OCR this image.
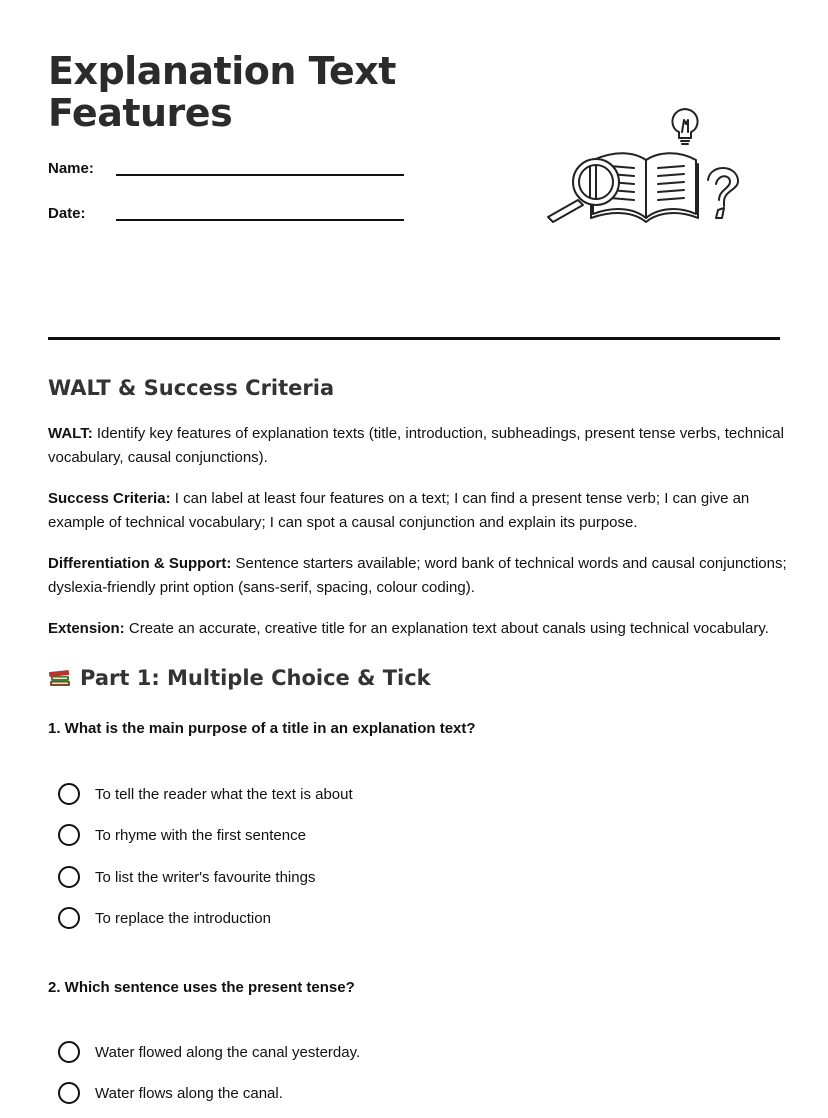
Explanation Text
Features
Name:
Date:
WALT & Success Criteria

WALT: Identify key features of explanation texts (title, introduction, subheadings, present tense verbs, technical vocabulary, causal conjunctions).

Success Criteria: I can label at least four features on a text; I can find a present tense verb; I can give an example of technical vocabulary; I can spot a causal conjunction and explain its purpose.

Differentiation & Support: Sentence starters available; word bank of technical words and causal conjunctions; dyslexia-friendly print option (sans-serif, spacing, colour coding).

Extension: Create an accurate, creative title for an explanation text about canals using technical vocabulary.

Part 1: Multiple Choice & Tick

1. What is the main purpose of a title in an explanation text?

To tell the reader what the text is about
To rhyme with the first sentence
To list the writer's favourite things
To replace the introduction

2. Which sentence uses the present tense?

Water flowed along the canal yesterday.
Water flows along the canal.
